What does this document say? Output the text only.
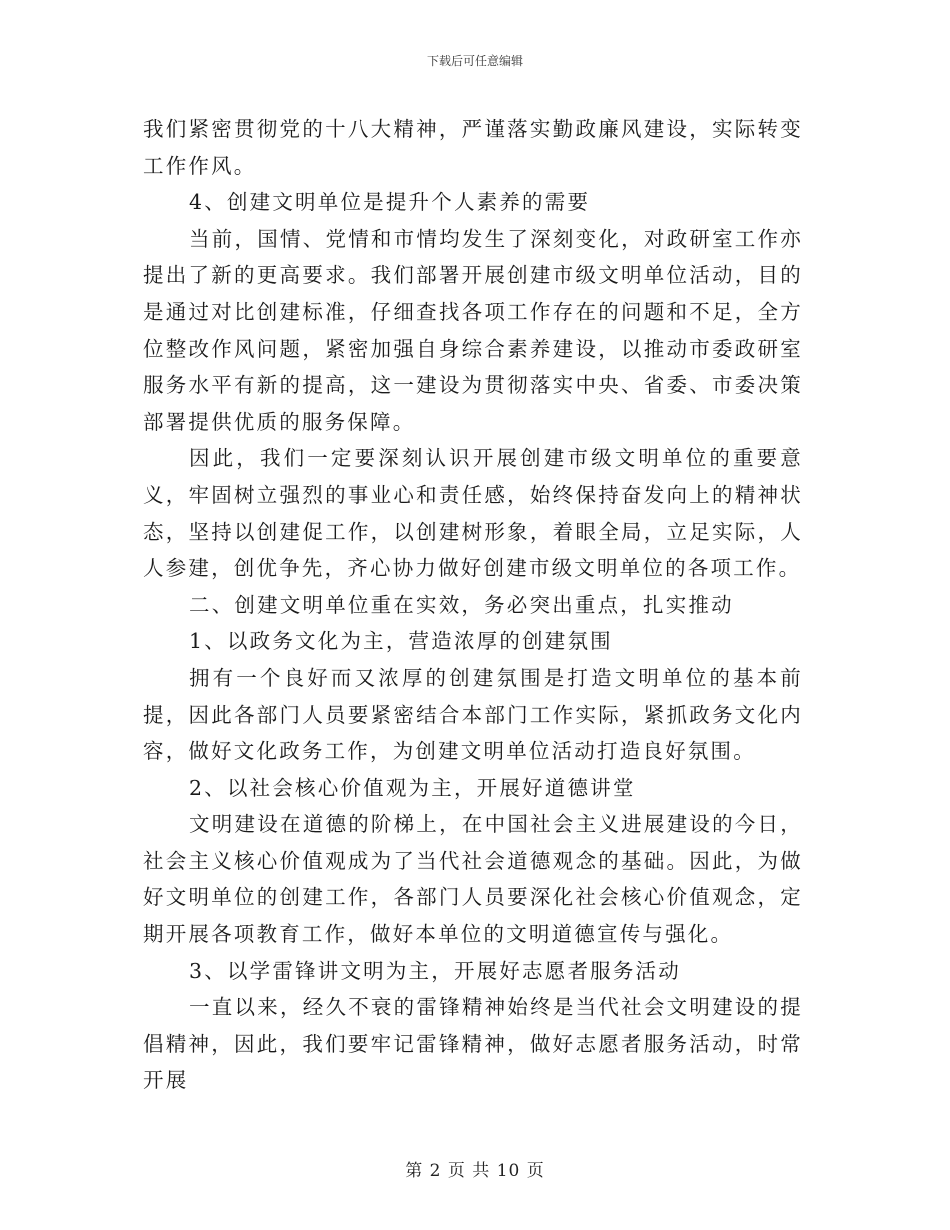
下载后可任意编辑

我们紧密贯彻党的十八大精神，严谨落实勤政廉风建设，实际转变工作作风。

4、创建文明单位是提升个人素养的需要

当前，国情、党情和市情均发生了深刻变化，对政研室工作亦提出了新的更高要求。我们部署开展创建市级文明单位活动，目的是通过对比创建标准，仔细查找各项工作存在的问题和不足，全方位整改作风问题，紧密加强自身综合素养建设，以推动市委政研室服务水平有新的提高，这一建设为贯彻落实中央、省委、市委决策部署提供优质的服务保障。

因此，我们一定要深刻认识开展创建市级文明单位的重要意义，牢固树立强烈的事业心和责任感，始终保持奋发向上的精神状态，坚持以创建促工作，以创建树形象，着眼全局，立足实际，人人参建，创优争先，齐心协力做好创建市级文明单位的各项工作。

二、创建文明单位重在实效，务必突出重点，扎实推动

1、以政务文化为主，营造浓厚的创建氛围

拥有一个良好而又浓厚的创建氛围是打造文明单位的基本前提，因此各部门人员要紧密结合本部门工作实际，紧抓政务文化内容，做好文化政务工作，为创建文明单位活动打造良好氛围。

2、以社会核心价值观为主，开展好道德讲堂

文明建设在道德的阶梯上，在中国社会主义进展建设的今日，社会主义核心价值观成为了当代社会道德观念的基础。因此，为做好文明单位的创建工作，各部门人员要深化社会核心价值观念，定期开展各项教育工作，做好本单位的文明道德宣传与强化。

3、以学雷锋讲文明为主，开展好志愿者服务活动

一直以来，经久不衰的雷锋精神始终是当代社会文明建设的提倡精神，因此，我们要牢记雷锋精神，做好志愿者服务活动，时常开展

第 2 页 共 10 页
